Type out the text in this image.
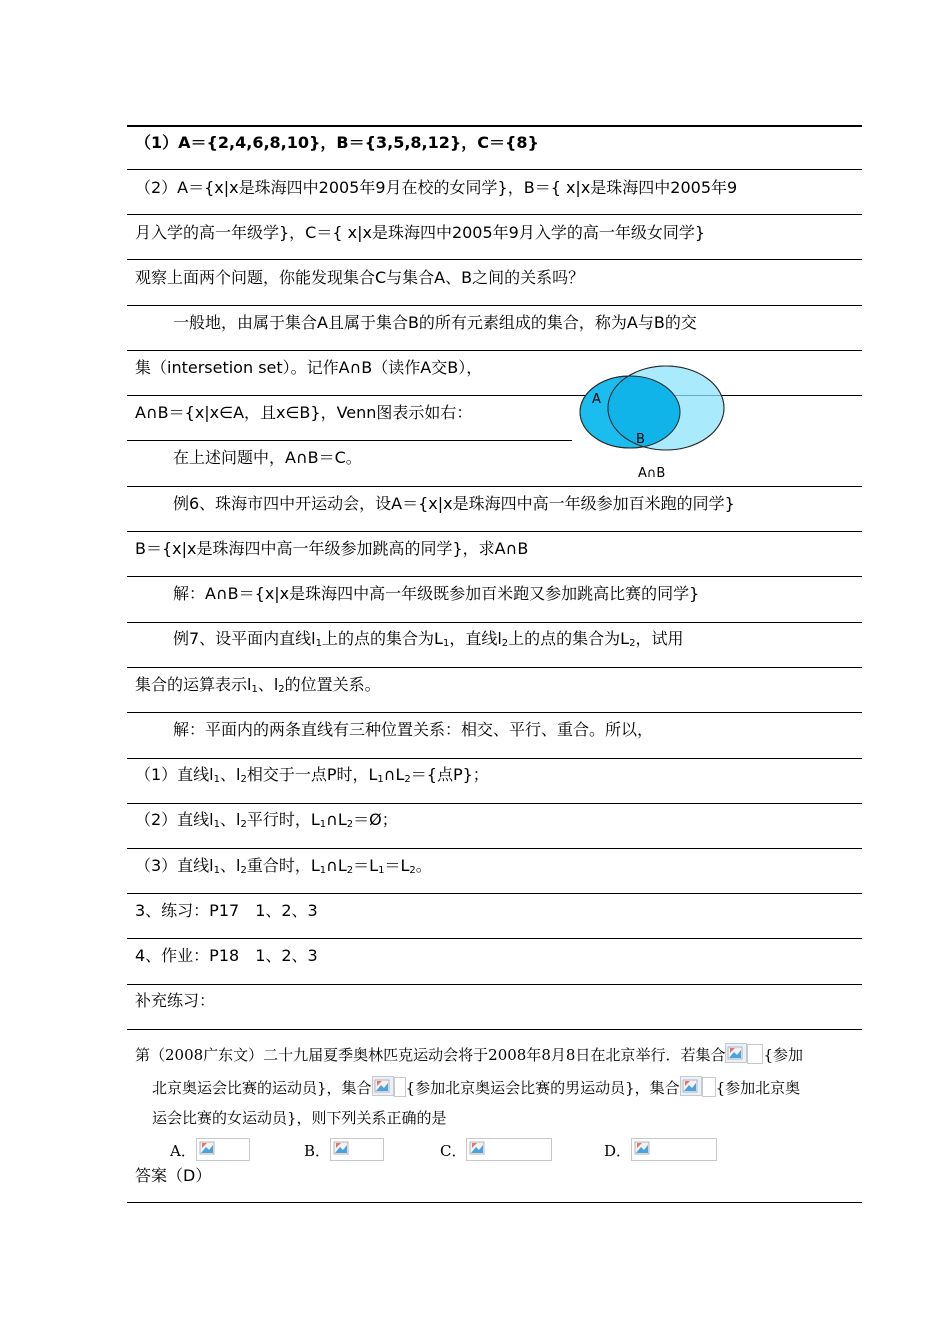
（1）A＝{2,4,6,8,10}，B＝{3,5,8,12}，C＝{8}
（2）A＝{x|x是珠海四中2005年9月在校的女同学}，B＝{ x|x是珠海四中2005年9
月入学的高一年级学}，C＝{ x|x是珠海四中2005年9月入学的高一年级女同学}
观察上面两个问题，你能发现集合C与集合A、B之间的关系吗？
一般地，由属于集合A且属于集合B的所有元素组成的集合，称为A与B的交
集（intersetion set）。记作A∩B（读作A交B），
A∩B＝{x|x∈A，且x∈B}，Venn图表示如右：
在上述问题中，A∩B＝C。
A
B
A∩B
例6、珠海市四中开运动会，设A＝{x|x是珠海四中高一年级参加百米跑的同学}
B＝{x|x是珠海四中高一年级参加跳高的同学}，求A∩B
解：A∩B＝{x|x是珠海四中高一年级既参加百米跑又参加跳高比赛的同学}
例7、设平面内直线$l_1$上的点的集合为$L_1$，直线$l_2$上的点的集合为$L_2$，试用
集合的运算表示$l_1$、$l_2$的位置关系。
解：平面内的两条直线有三种位置关系：相交、平行、重合。所以，
（1）直线$l_1$、$l_2$相交于一点P时，$L_1\cap L_2=${点P}；
（2）直线$l_1$、$l_2$平行时，$L_1\cap L_2=Ø$；
（3）直线$l_1$、$l_2$重合时，$L_1\cap L_2=L_1=L_2$。
3、练习：P17　1、2、3
4、作业：P18　1、2、3
补充练习：
第（2008广东文）二十九届夏季奥林匹克运动会将于2008年8月8日在北京举行．若集合	{参加
北京奥运会比赛的运动员}，集合 {参加北京奥运会比赛的男运动员}，集合 {参加北京奥
运会比赛的女运动员}，则下列关系正确的是
A．	B．	C．	D．
答案（D）
